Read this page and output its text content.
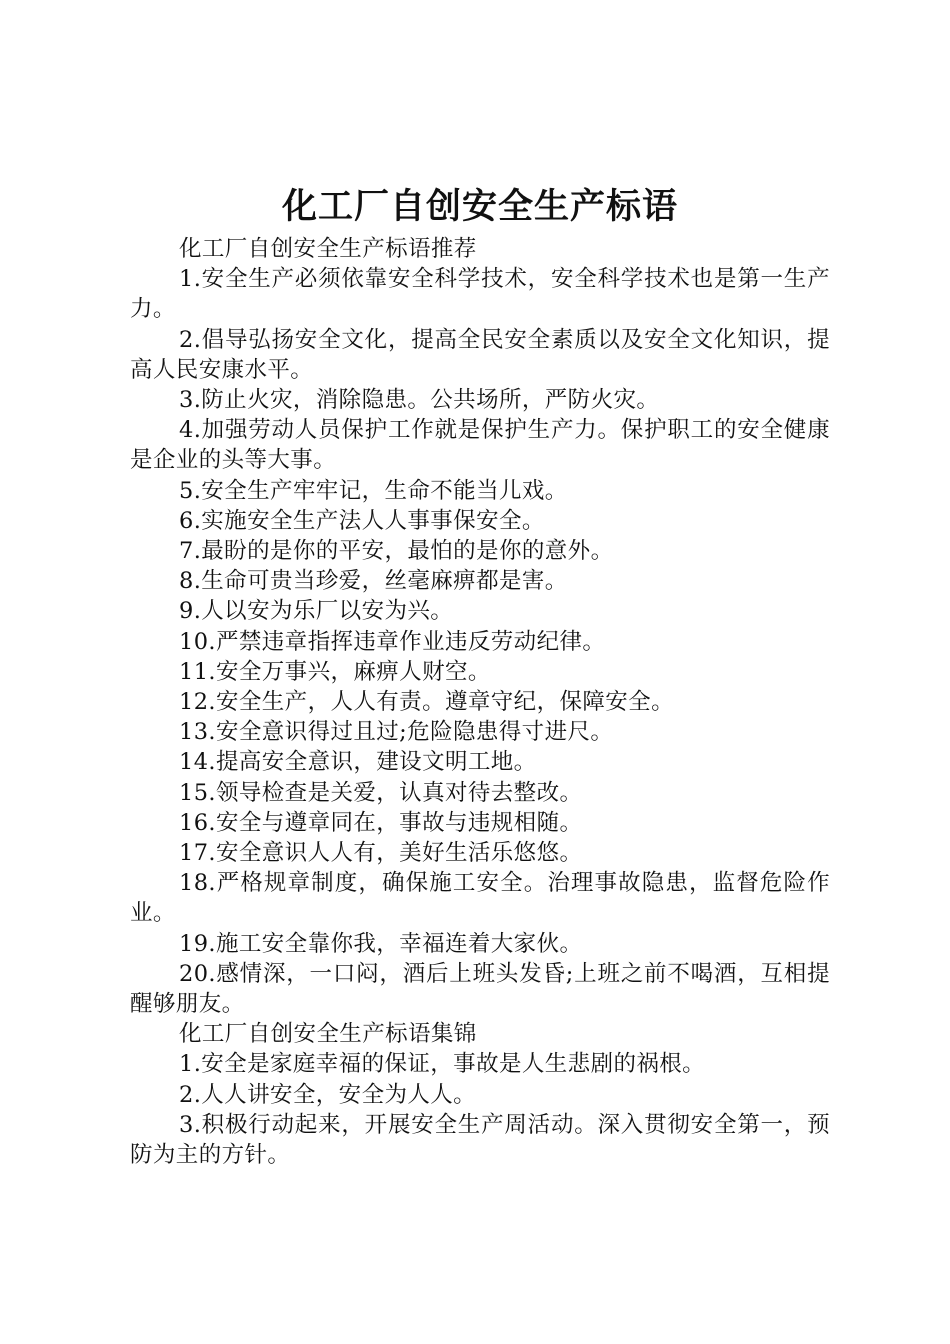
化工厂自创安全生产标语

化工厂自创安全生产标语推荐

1.安全生产必须依靠安全科学技术，安全科学技术也是第一生产力。

2.倡导弘扬安全文化，提高全民安全素质以及安全文化知识，提高人民安康水平。

3.防止火灾，消除隐患。公共场所，严防火灾。

4.加强劳动人员保护工作就是保护生产力。保护职工的安全健康是企业的头等大事。

5.安全生产牢牢记，生命不能当儿戏。

6.实施安全生产法人人事事保安全。

7.最盼的是你的平安，最怕的是你的意外。

8.生命可贵当珍爱，丝毫麻痹都是害。

9.人以安为乐厂以安为兴。

10.严禁违章指挥违章作业违反劳动纪律。

11.安全万事兴，麻痹人财空。

12.安全生产，人人有责。遵章守纪，保障安全。

13.安全意识得过且过;危险隐患得寸进尺。

14.提高安全意识，建设文明工地。

15.领导检查是关爱，认真对待去整改。

16.安全与遵章同在，事故与违规相随。

17.安全意识人人有，美好生活乐悠悠。

18.严格规章制度，确保施工安全。治理事故隐患，监督危险作业。

19.施工安全靠你我，幸福连着大家伙。

20.感情深，一口闷，酒后上班头发昏;上班之前不喝酒，互相提醒够朋友。

化工厂自创安全生产标语集锦

1.安全是家庭幸福的保证，事故是人生悲剧的祸根。

2.人人讲安全，安全为人人。

3.积极行动起来，开展安全生产周活动。深入贯彻安全第一，预防为主的方针。
